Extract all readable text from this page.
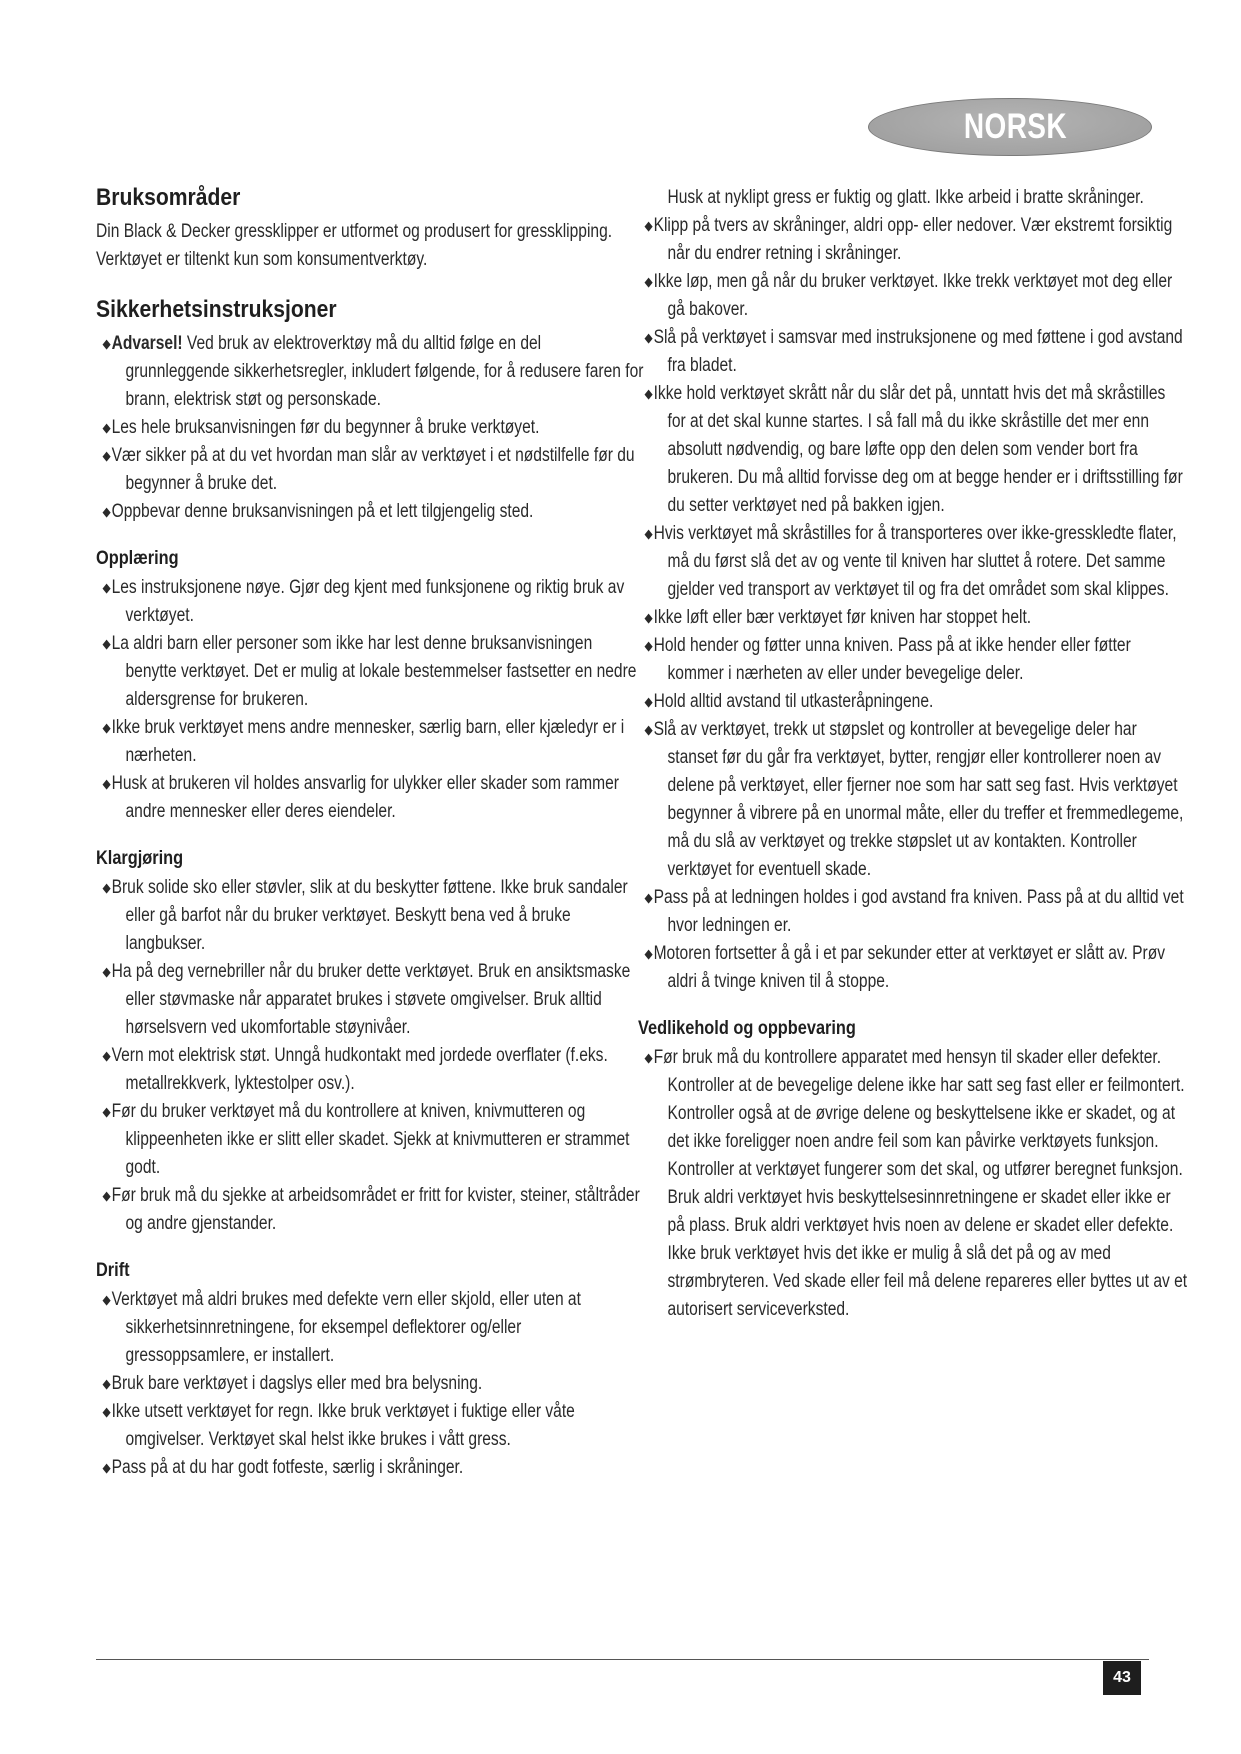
NORSK
Bruksområder

Din Black & Decker gressklipper er utformet og produsert for gressklipping.

Verktøyet er tiltenkt kun som konsumentverktøy.

Sikkerhetsinstruksjoner
◆Advarsel! Ved bruk av elektroverktøy må du alltid følge en del grunnleggende sikkerhetsregler, inkludert følgende, for å redusere faren for brann, elektrisk støt og personskade.
◆Les hele bruksanvisningen før du begynner å bruke verktøyet.
◆Vær sikker på at du vet hvordan man slår av verktøyet i et nødstilfelle før du begynner å bruke det.
◆Oppbevar denne bruksanvisningen på et lett tilgjengelig sted.
Opplæring
◆Les instruksjonene nøye. Gjør deg kjent med funksjonene og riktig bruk av verktøyet.
◆La aldri barn eller personer som ikke har lest denne bruksanvisningen benytte verktøyet. Det er mulig at lokale bestemmelser fastsetter en nedre aldersgrense for brukeren.
◆Ikke bruk verktøyet mens andre mennesker, særlig barn, eller kjæledyr er i nærheten.
◆Husk at brukeren vil holdes ansvarlig for ulykker eller skader som rammer andre mennesker eller deres eiendeler.
Klargjøring
◆Bruk solide sko eller støvler, slik at du beskytter føttene. Ikke bruk sandaler eller gå barfot når du bruker verktøyet. Beskytt bena ved å bruke langbukser.
◆Ha på deg vernebriller når du bruker dette verktøyet. Bruk en ansiktsmaske eller støvmaske når apparatet brukes i støvete omgivelser. Bruk alltid hørselsvern ved ukomfortable støynivåer.
◆Vern mot elektrisk støt. Unngå hudkontakt med jordede overflater (f.eks. metallrekkverk, lyktestolper osv.).
◆Før du bruker verktøyet må du kontrollere at kniven, knivmutteren og klippeenheten ikke er slitt eller skadet. Sjekk at knivmutteren er strammet godt.
◆Før bruk må du sjekke at arbeidsområdet er fritt for kvister, steiner, ståltråder og andre gjenstander.
Drift
◆Verktøyet må aldri brukes med defekte vern eller skjold, eller uten at sikkerhetsinnretningene, for eksempel deflektorer og/eller gressoppsamlere, er installert.
◆Bruk bare verktøyet i dagslys eller med bra belysning.
◆Ikke utsett verktøyet for regn. Ikke bruk verktøyet i fuktige eller våte omgivelser. Verktøyet skal helst ikke brukes i vått gress.
◆Pass på at du har godt fotfeste, særlig i skråninger.

Husk at nyklipt gress er fuktig og glatt. Ikke arbeid i bratte skråninger.

◆Klipp på tvers av skråninger, aldri opp- eller nedover. Vær ekstremt forsiktig når du endrer retning i skråninger.
◆Ikke løp, men gå når du bruker verktøyet. Ikke trekk verktøyet mot deg eller gå bakover.
◆Slå på verktøyet i samsvar med instruksjonene og med føttene i god avstand fra bladet.
◆Ikke hold verktøyet skrått når du slår det på, unntatt hvis det må skråstilles for at det skal kunne startes. I så fall må du ikke skråstille det mer enn absolutt nødvendig, og bare løfte opp den delen som vender bort fra brukeren. Du må alltid forvisse deg om at begge hender er i driftsstilling før du setter verktøyet ned på bakken igjen.
◆Hvis verktøyet må skråstilles for å transporteres over ikke-gresskledte flater, må du først slå det av og vente til kniven har sluttet å rotere. Det samme gjelder ved transport av verktøyet til og fra det området som skal klippes.
◆Ikke løft eller bær verktøyet før kniven har stoppet helt.
◆Hold hender og føtter unna kniven. Pass på at ikke hender eller føtter kommer i nærheten av eller under bevegelige deler.
◆Hold alltid avstand til utkasteråpningene.
◆Slå av verktøyet, trekk ut støpslet og kontroller at bevegelige deler har stanset før du går fra verktøyet, bytter, rengjør eller kontrollerer noen av delene på verktøyet, eller fjerner noe som har satt seg fast. Hvis verktøyet begynner å vibrere på en unormal måte, eller du treffer et fremmedlegeme, må du slå av verktøyet og trekke støpslet ut av kontakten. Kontroller verktøyet for eventuell skade.
◆Pass på at ledningen holdes i god avstand fra kniven. Pass på at du alltid vet hvor ledningen er.
◆Motoren fortsetter å gå i et par sekunder etter at verktøyet er slått av. Prøv aldri å tvinge kniven til å stoppe.
Vedlikehold og oppbevaring
◆Før bruk må du kontrollere apparatet med hensyn til skader eller defekter. Kontroller at de bevegelige delene ikke har satt seg fast eller er feilmontert. Kontroller også at de øvrige delene og beskyttelsene ikke er skadet, og at det ikke foreligger noen andre feil som kan påvirke verktøyets funksjon. Kontroller at verktøyet fungerer som det skal, og utfører beregnet funksjon. Bruk aldri verktøyet hvis beskyttelsesinnretningene er skadet eller ikke er på plass. Bruk aldri verktøyet hvis noen av delene er skadet eller defekte. Ikke bruk verktøyet hvis det ikke er mulig å slå det på og av med strømbryteren. Ved skade eller feil må delene repareres eller byttes ut av et autorisert serviceverksted.
43
